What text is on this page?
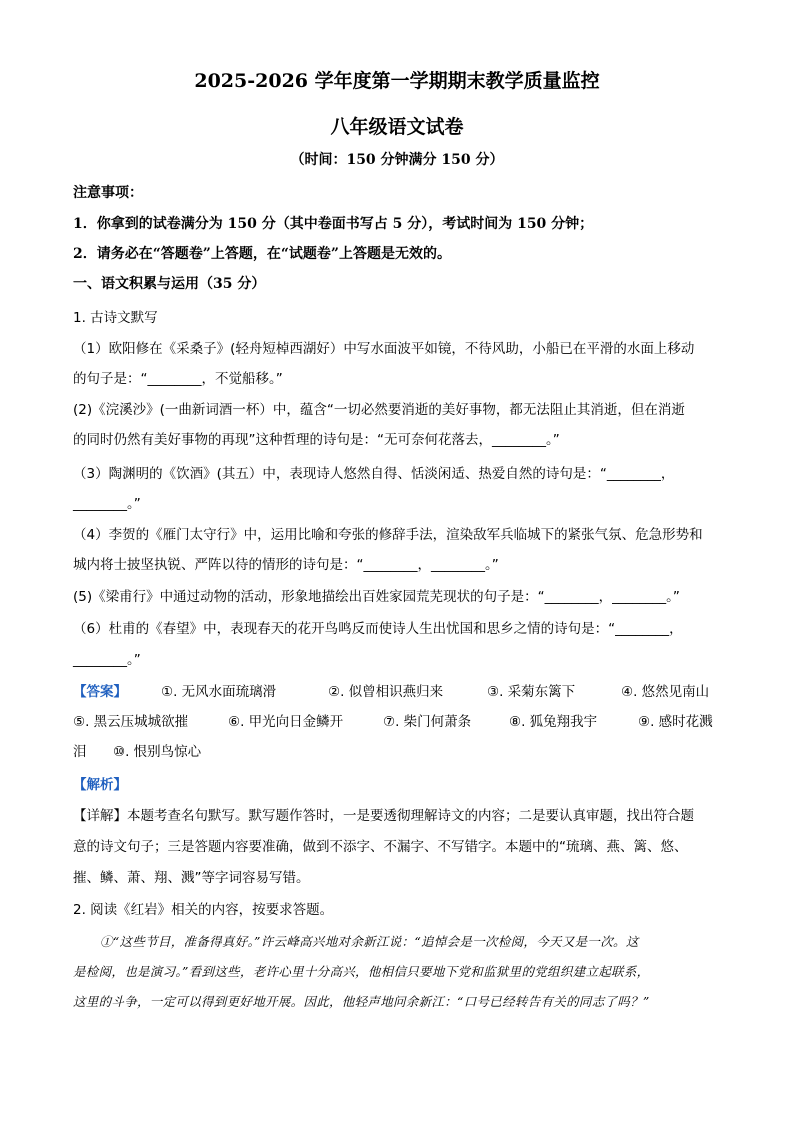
2025-2026 学年度第一学期期末教学质量监控
八年级语文试卷
（时间：150 分钟满分 150 分）
注意事项：
1．你拿到的试卷满分为 150 分（其中卷面书写占 5 分），考试时间为 150 分钟；
2．请务必在“答题卷”上答题，在“试题卷”上答题是无效的。
一、语文积累与运用（35 分）
1. 古诗文默写
（1）欧阳修在《采桑子》(轻舟短棹西湖好）中写水面波平如镜，不待风助，小船已在平滑的水面上移动
的句子是：“________，不觉船移。”
(2)《浣溪沙》(一曲新词酒一杯）中，蕴含“一切必然要消逝的美好事物，都无法阻止其消逝，但在消逝
的同时仍然有美好事物的再现”这种哲理的诗句是：“无可奈何花落去，________。”
（3）陶渊明的《饮酒》(其五）中，表现诗人悠然自得、恬淡闲适、热爱自然的诗句是：“________，
________。”
（4）李贺的《雁门太守行》中，运用比喻和夸张的修辞手法，渲染敌军兵临城下的紧张气氛、危急形势和
城内将士披坚执锐、严阵以待的情形的诗句是：“________，________。”
(5)《梁甫行》中通过动物的活动，形象地描绘出百姓家园荒芜现状的句子是：“________，________。”
（6）杜甫的《春望》中，表现春天的花开鸟鸣反而使诗人生出忧国和思乡之情的诗句是：“________，
________。”
【答案】	①. 无风水面琉璃滑	②. 似曾相识燕归来	③. 采菊东篱下	④. 悠然见南山
⑤. 黑云压城城欲摧	⑥. 甲光向日金鳞开	⑦. 柴门何萧条	⑧. 狐兔翔我宇	⑨. 感时花溅
泪 ⑩. 恨别鸟惊心
【解析】
【详解】本题考查名句默写。默写题作答时，一是要透彻理解诗文的内容；二是要认真审题，找出符合题
意的诗文句子；三是答题内容要准确，做到不添字、不漏字、不写错字。本题中的“琉璃、燕、篱、悠、
摧、鳞、萧、翔、溅”等字词容易写错。
2. 阅读《红岩》相关的内容，按要求答题。
①“这些节目，准备得真好。”许云峰高兴地对余新江说：“追悼会是一次检阅，今天又是一次。这
是检阅，也是演习。”看到这些，老许心里十分高兴，他相信只要地下党和监狱里的党组织建立起联系，
这里的斗争，一定可以得到更好地开展。因此，他轻声地问余新江：“口号已经转告有关的同志了吗？”
